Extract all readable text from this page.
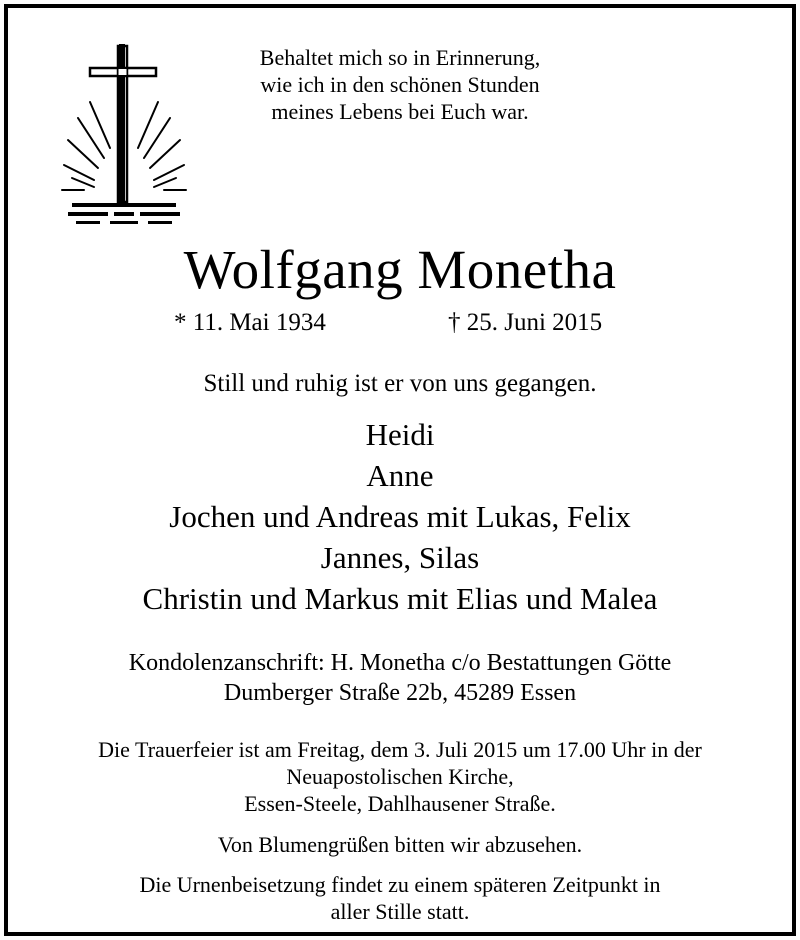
Behaltet mich so in Erinnerung,
wie ich in den schönen Stunden
meines Lebens bei Euch war.
Wolfgang Monetha
* 11. Mai 1934	† 25. Juni 2015
Still und ruhig ist er von uns gegangen.
Heidi
Anne
Jochen und Andreas mit Lukas, Felix
Jannes, Silas
Christin und Markus mit Elias und Malea
Kondolenzanschrift: H. Monetha c/o Bestattungen Götte
Dumberger Straße 22b, 45289 Essen
Die Trauerfeier ist am Freitag, dem 3. Juli 2015 um 17.00 Uhr in der
Neuapostolischen Kirche,
Essen-Steele, Dahlhausener Straße.
Von Blumengrüßen bitten wir abzusehen.
Die Urnenbeisetzung findet zu einem späteren Zeitpunkt in
aller Stille statt.
